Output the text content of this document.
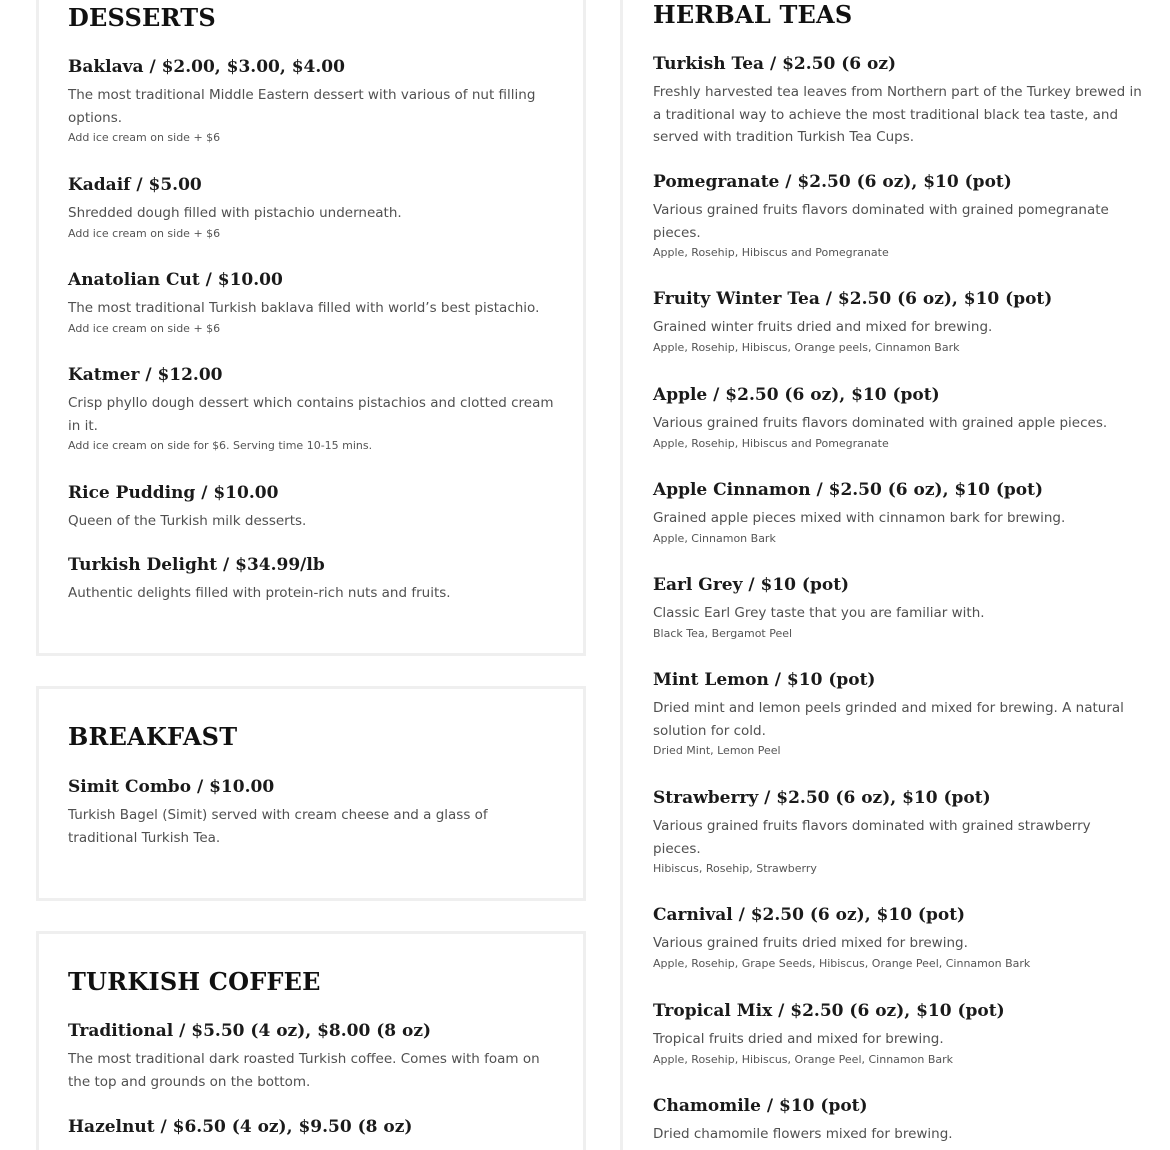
DESSERTS

Baklava / $2.00, $3.00, $4.00

The most traditional Middle Eastern dessert with various of nut filling options.

Add ice cream on side + $6

Kadaif / $5.00

Shredded dough filled with pistachio underneath.

Add ice cream on side + $6

Anatolian Cut / $10.00

The most traditional Turkish baklava filled with world’s best pistachio.

Add ice cream on side + $6

Katmer / $12.00

Crisp phyllo dough dessert which contains pistachios and clotted cream in it.

Add ice cream on side for $6. Serving time 10-15 mins.

Rice Pudding / $10.00

Queen of the Turkish milk desserts.

Turkish Delight / $34.99/lb

Authentic delights filled with protein-rich nuts and fruits.

BREAKFAST

Simit Combo / $10.00

Turkish Bagel (Simit) served with cream cheese and a glass of traditional Turkish Tea.

TURKISH COFFEE

Traditional / $5.50 (4 oz), $8.00 (8 oz)

The most traditional dark roasted Turkish coffee. Comes with foam on the top and grounds on the bottom.

Hazelnut / $6.50 (4 oz), $9.50 (8 oz)

HERBAL TEAS

Turkish Tea / $2.50 (6 oz)

Freshly harvested tea leaves from Northern part of the Turkey brewed in a traditional way to achieve the most traditional black tea taste, and served with tradition Turkish Tea Cups.

Pomegranate / $2.50 (6 oz), $10 (pot)

Various grained fruits flavors dominated with grained pomegranate pieces.

Apple, Rosehip, Hibiscus and Pomegranate

Fruity Winter Tea / $2.50 (6 oz), $10 (pot)

Grained winter fruits dried and mixed for brewing.

Apple, Rosehip, Hibiscus, Orange peels, Cinnamon Bark

Apple / $2.50 (6 oz), $10 (pot)

Various grained fruits flavors dominated with grained apple pieces.

Apple, Rosehip, Hibiscus and Pomegranate

Apple Cinnamon / $2.50 (6 oz), $10 (pot)

Grained apple pieces mixed with cinnamon bark for brewing.

Apple, Cinnamon Bark

Earl Grey / $10 (pot)

Classic Earl Grey taste that you are familiar with.

Black Tea, Bergamot Peel

Mint Lemon / $10 (pot)

Dried mint and lemon peels grinded and mixed for brewing. A natural solution for cold.

Dried Mint, Lemon Peel

Strawberry / $2.50 (6 oz), $10 (pot)

Various grained fruits flavors dominated with grained strawberry pieces.

Hibiscus, Rosehip, Strawberry

Carnival / $2.50 (6 oz), $10 (pot)

Various grained fruits dried mixed for brewing.

Apple, Rosehip, Grape Seeds, Hibiscus, Orange Peel, Cinnamon Bark

Tropical Mix / $2.50 (6 oz), $10 (pot)

Tropical fruits dried and mixed for brewing.

Apple, Rosehip, Hibiscus, Orange Peel, Cinnamon Bark

Chamomile / $10 (pot)

Dried chamomile flowers mixed for brewing.
